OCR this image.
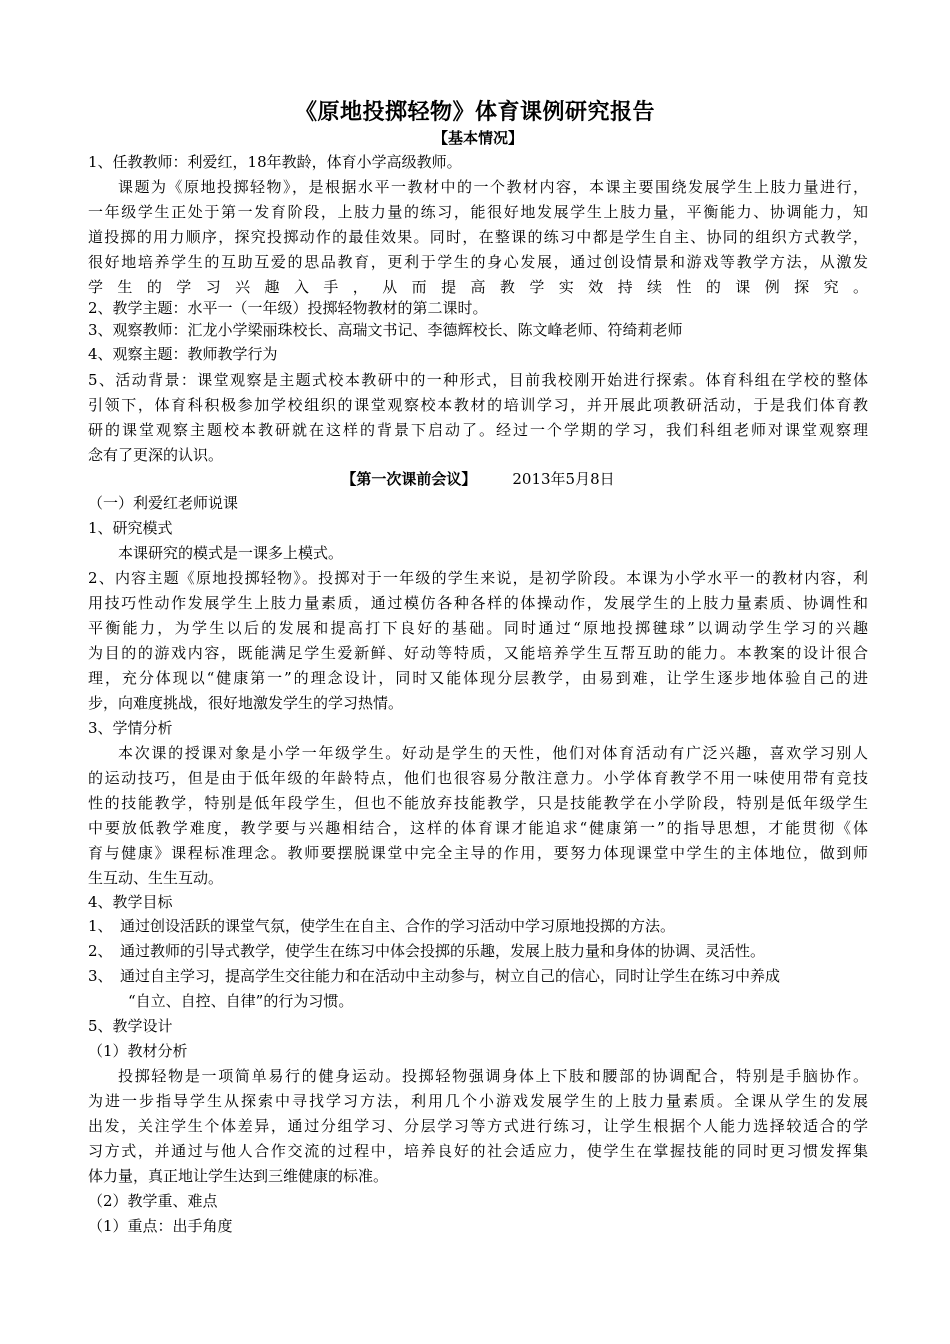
《原地投掷轻物》体育课例研究报告
【基本情况】
1、任教教师：利爱红，18年教龄，体育小学高级教师。
课题为《原地投掷轻物》，是根据水平一教材中的一个教材内容，本课主要围绕发展学生上肢力量进行，
一年级学生正处于第一发育阶段，上肢力量的练习，能很好地发展学生上肢力量，平衡能力、协调能力，知
道投掷的用力顺序，探究投掷动作的最佳效果。同时，在整课的练习中都是学生自主、协同的组织方式教学，
很好地培养学生的互助互爱的思品教育，更利于学生的身心发展，通过创设情景和游戏等教学方法，从激发
学生的学习兴趣入手，从而提高教学实效持续性的课例探究。
2、教学主题：水平一（一年级）投掷轻物教材的第二课时。
3、观察教师：汇龙小学梁丽珠校长、高瑞文书记、李德辉校长、陈文峰老师、符绮莉老师
4、观察主题：教师教学行为
5、活动背景：课堂观察是主题式校本教研中的一种形式，目前我校刚开始进行探索。体育科组在学校的整体
引领下，体育科积极参加学校组织的课堂观察校本教材的培训学习，并开展此项教研活动，于是我们体育教
研的课堂观察主题校本教研就在这样的背景下启动了。经过一个学期的学习，我们科组老师对课堂观察理
念有了更深的认识。
【第一次课前会议】 2013年5月8日
（一）利爱红老师说课
1、研究模式
本课研究的模式是一课多上模式。
2、内容主题《原地投掷轻物》。投掷对于一年级的学生来说，是初学阶段。本课为小学水平一的教材内容，利
用技巧性动作发展学生上肢力量素质，通过模仿各种各样的体操动作，发展学生的上肢力量素质、协调性和
平衡能力，为学生以后的发展和提高打下良好的基础。同时通过“原地投掷毽球”以调动学生学习的兴趣
为目的的游戏内容，既能满足学生爱新鲜、好动等特质，又能培养学生互帮互助的能力。本教案的设计很合
理，充分体现以“健康第一”的理念设计，同时又能体现分层教学，由易到难，让学生逐步地体验自己的进
步，向难度挑战，很好地激发学生的学习热情。
3、学情分析
本次课的授课对象是小学一年级学生。好动是学生的天性，他们对体育活动有广泛兴趣，喜欢学习别人
的运动技巧，但是由于低年级的年龄特点，他们也很容易分散注意力。小学体育教学不用一味使用带有竞技
性的技能教学，特别是低年段学生，但也不能放弃技能教学，只是技能教学在小学阶段，特别是低年级学生
中要放低教学难度，教学要与兴趣相结合，这样的体育课才能追求“健康第一”的指导思想，才能贯彻《体
育与健康》课程标准理念。教师要摆脱课堂中完全主导的作用，要努力体现课堂中学生的主体地位，做到师
生互动、生生互动。
4、教学目标
1、　通过创设活跃的课堂气氛，使学生在自主、合作的学习活动中学习原地投掷的方法。
2、　通过教师的引导式教学，使学生在练习中体会投掷的乐趣，发展上肢力量和身体的协调、灵活性。
3、　通过自主学习，提高学生交往能力和在活动中主动参与，树立自己的信心，同时让学生在练习中养成
“自立、自控、自律”的行为习惯。
5、教学设计
（1）教材分析
投掷轻物是一项简单易行的健身运动。投掷轻物强调身体上下肢和腰部的协调配合，特别是手脑协作。
为进一步指导学生从探索中寻找学习方法，利用几个小游戏发展学生的上肢力量素质。全课从学生的发展
出发，关注学生个体差异，通过分组学习、分层学习等方式进行练习，让学生根据个人能力选择较适合的学
习方式，并通过与他人合作交流的过程中，培养良好的社会适应力，使学生在掌握技能的同时更习惯发挥集
体力量，真正地让学生达到三维健康的标准。
（2）教学重、难点
（1）重点：出手角度
